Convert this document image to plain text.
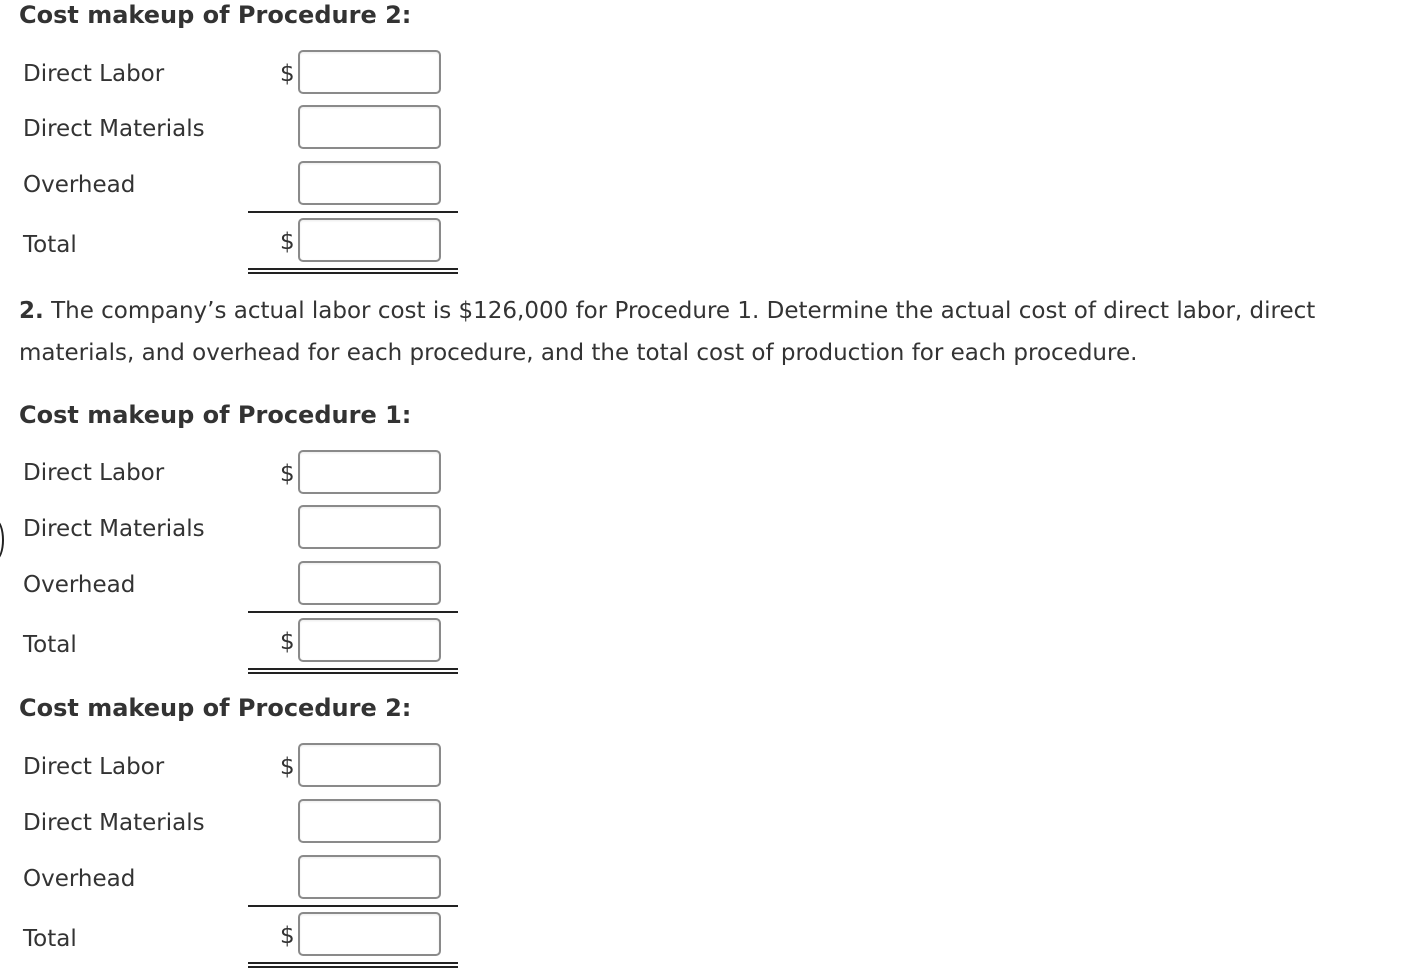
Cost makeup of Procedure 2:
Direct Labor	$
Direct Materials
Overhead
Total	$

2. The company’s actual labor cost is $126,000 for Procedure 1. Determine the actual cost of direct labor, direct materials, and overhead for each procedure, and the total cost of production for each procedure.

Cost makeup of Procedure 1:
Direct Labor	$
Direct Materials
Overhead
Total	$
Cost makeup of Procedure 2:
Direct Labor	$
Direct Materials
Overhead
Total	$
